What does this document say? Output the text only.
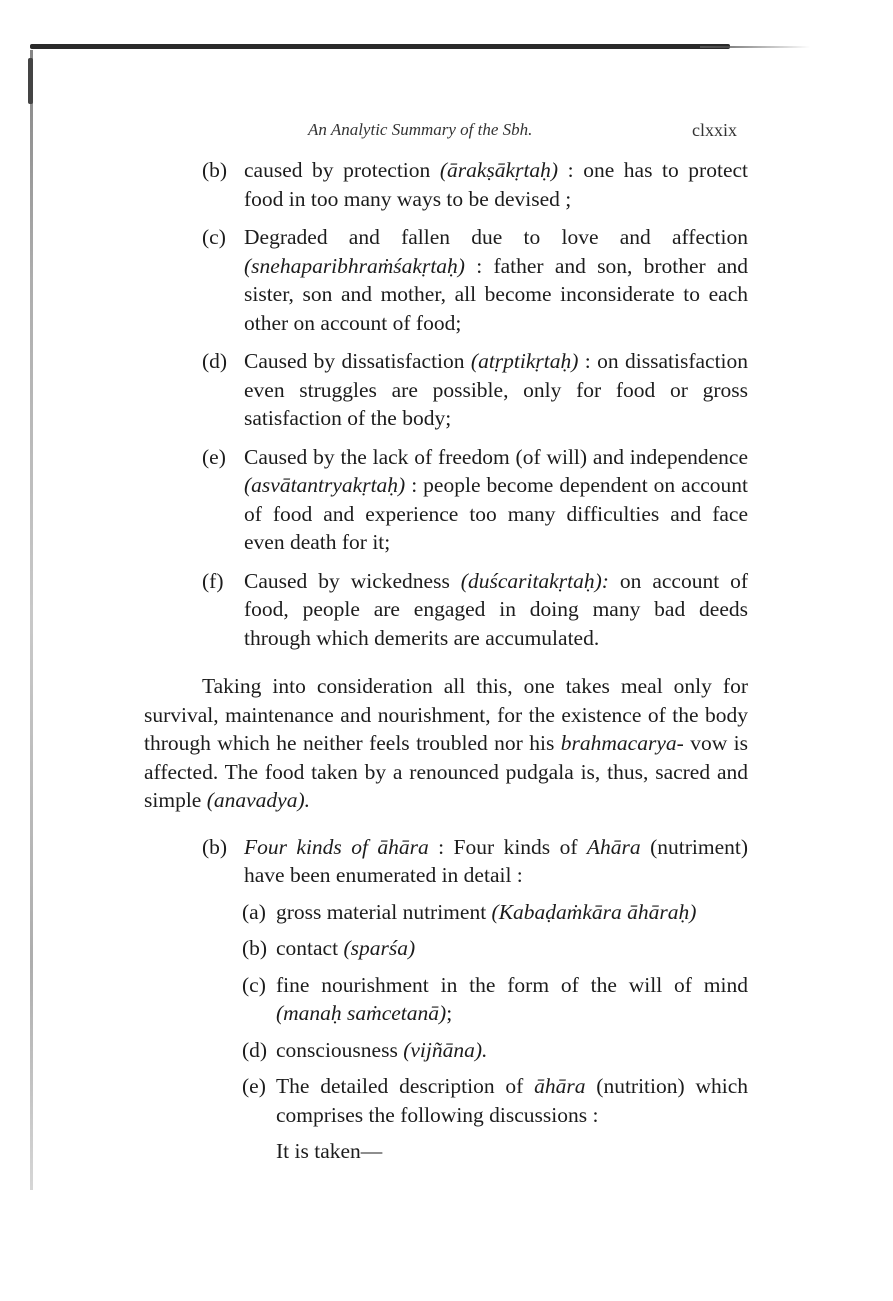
An Analytic Summary of the Sbh.	clxxix
(b) caused by protection (ārakṣākṛtaḥ) : one has to protect food in too many ways to be devised ;
(c) Degraded and fallen due to love and affection (snehaparibhraṁśakṛtaḥ) : father and son, brother and sister, son and mother, all become inconsiderate to each other on account of food;
(d) Caused by dissatisfaction (atṛptikṛtaḥ) : on dissatisfaction even struggles are possible, only for food or gross satisfaction of the body;
(e) Caused by the lack of freedom (of will) and independence (asvātantryakṛtaḥ) : people become dependent on account of food and experience too many difficulties and face even death for it;
(f) Caused by wickedness (duścaritakṛtaḥ): on account of food, people are engaged in doing many bad deeds through which demerits are accumulated.

Taking into consideration all this, one takes meal only for survival, maintenance and nourishment, for the existence of the body through which he neither feels troubled nor his brahmacarya- vow is affected. The food taken by a renounced pudgala is, thus, sacred and simple (anavadya).

(b) Four kinds of āhāra : Four kinds of Ahāra (nutriment) have been enumerated in detail :
(a) gross material nutriment (Kabaḍaṁkāra āhāraḥ)
(b) contact (sparśa)
(c) fine nourishment in the form of the will of mind (manaḥ saṁcetanā);
(d) consciousness (vijñāna).
(e) The detailed description of āhāra (nutrition) which comprises the following discussions :
It is taken—
